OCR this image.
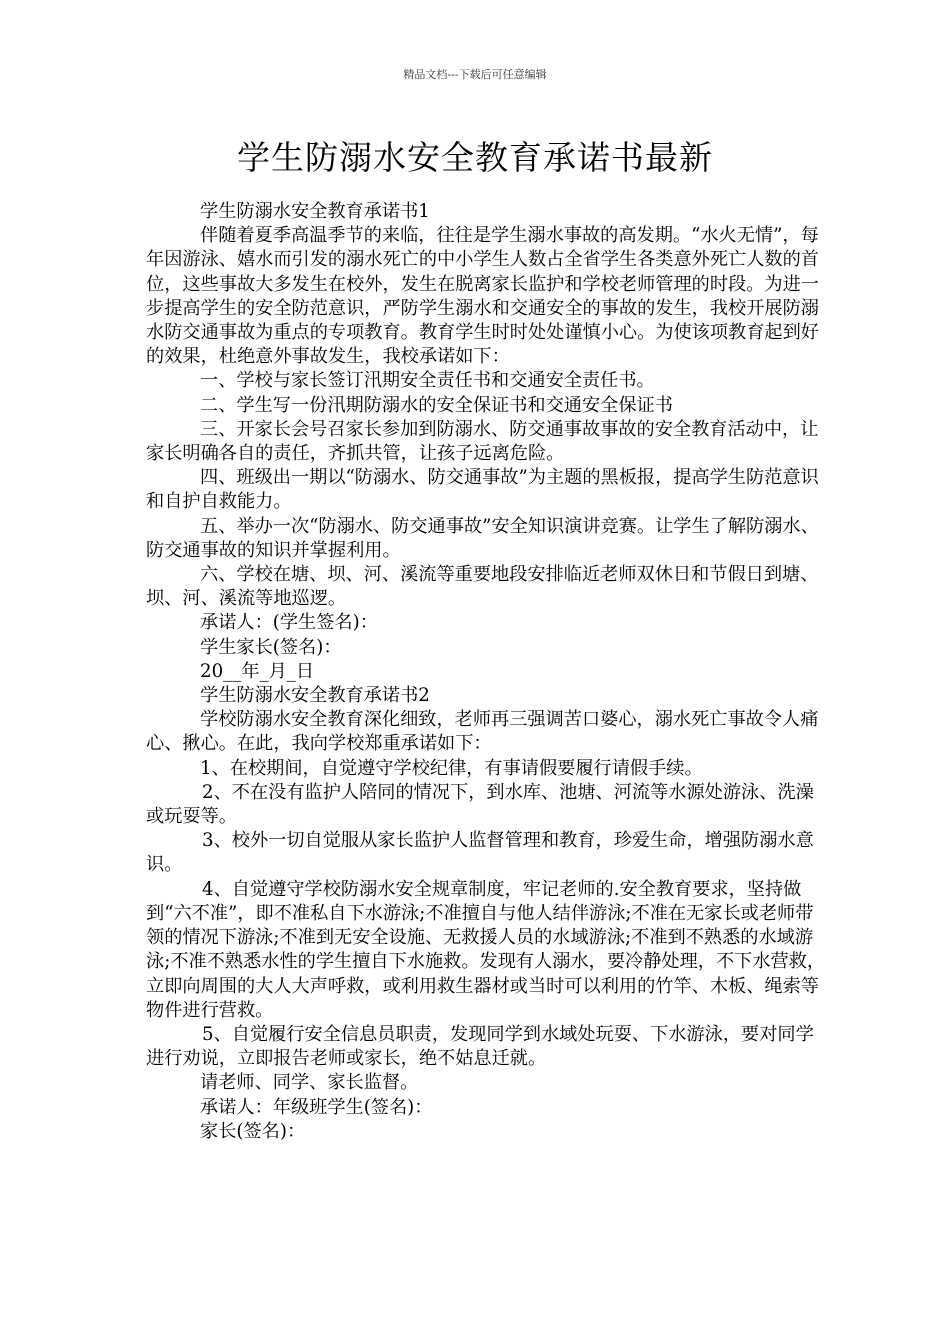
精品文档---下载后可任意编辑
学生防溺水安全教育承诺书最新

学生防溺水安全教育承诺书1

伴随着夏季高温季节的来临，往往是学生溺水事故的高发期。“水火无情”，每年因游泳、嬉水而引发的溺水死亡的中小学生人数占全省学生各类意外死亡人数的首位，这些事故大多发生在校外，发生在脱离家长监护和学校老师管理的时段。为进一步提高学生的安全防范意识，严防学生溺水和交通安全的事故的发生，我校开展防溺水防交通事故为重点的专项教育。教育学生时时处处谨慎小心。为使该项教育起到好的效果，杜绝意外事故发生，我校承诺如下：

一、学校与家长签订汛期安全责任书和交通安全责任书。

二、学生写一份汛期防溺水的安全保证书和交通安全保证书

三、开家长会号召家长参加到防溺水、防交通事故事故的安全教育活动中，让家长明确各自的责任，齐抓共管，让孩子远离危险。

四、班级出一期以“防溺水、防交通事故”为主题的黑板报，提高学生防范意识和自护自救能力。

五、举办一次“防溺水、防交通事故”安全知识演讲竞赛。让学生了解防溺水、防交通事故的知识并掌握利用。

六、学校在塘、坝、河、溪流等重要地段安排临近老师双休日和节假日到塘、坝、河、溪流等地巡逻。

承诺人：(学生签名)：

学生家长(签名)：

20__年_月_日

学生防溺水安全教育承诺书2

学校防溺水安全教育深化细致，老师再三强调苦口婆心，溺水死亡事故令人痛心、揪心。在此，我向学校郑重承诺如下：

1、在校期间，自觉遵守学校纪律，有事请假要履行请假手续。

2、不在没有监护人陪同的情况下，到水库、池塘、河流等水源处游泳、洗澡或玩耍等。

3、校外一切自觉服从家长监护人监督管理和教育，珍爱生命，增强防溺水意识。

4、自觉遵守学校防溺水安全规章制度，牢记老师的.安全教育要求，坚持做到“六不准”，即不准私自下水游泳;不准擅自与他人结伴游泳;不准在无家长或老师带领的情况下游泳;不准到无安全设施、无救援人员的水域游泳;不准到不熟悉的水域游泳;不准不熟悉水性的学生擅自下水施救。发现有人溺水，要冷静处理，不下水营救，立即向周围的大人大声呼救，或利用救生器材或当时可以利用的竹竿、木板、绳索等物件进行营救。

5、自觉履行安全信息员职责，发现同学到水域处玩耍、下水游泳，要对同学进行劝说，立即报告老师或家长，绝不姑息迁就。

请老师、同学、家长监督。

承诺人：年级班学生(签名)：

家长(签名)：
